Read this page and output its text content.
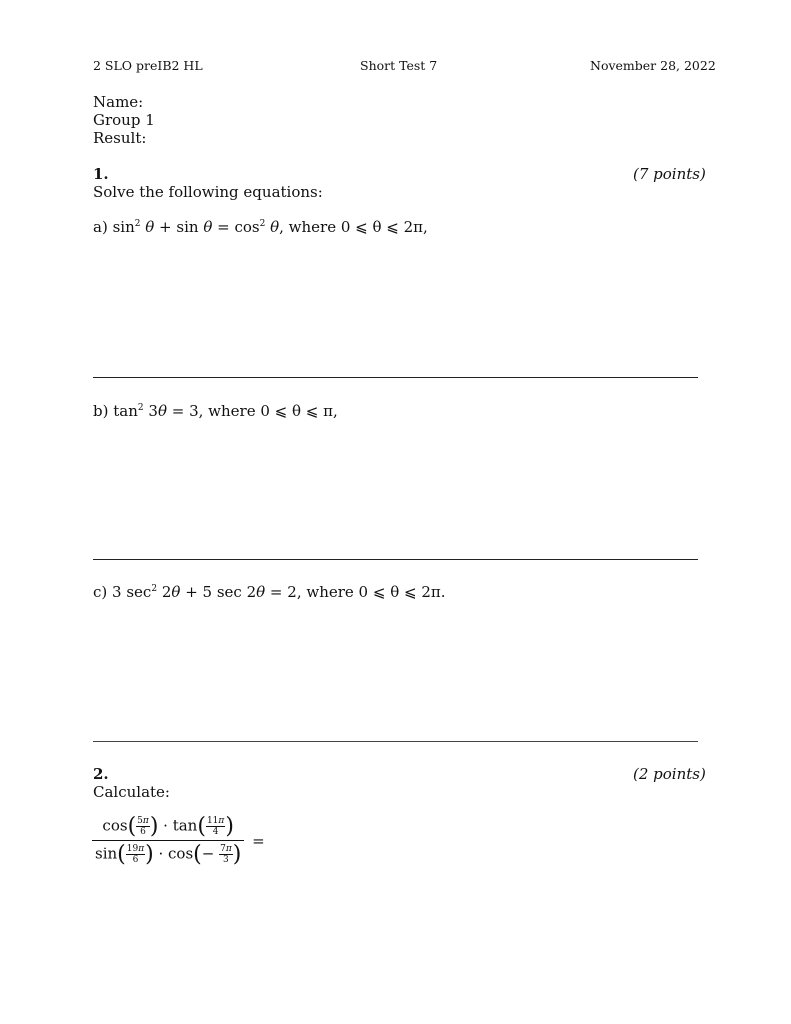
2 SLO preIB2 HL	Short Test 7	November 28, 2022
Name:
Group 1
Result:
1.	(7 points)
Solve the following equations:
a) $\sin^2 \theta + \sin \theta = \cos^2 \theta$, where 0 ⩽ θ ⩽ 2π,
b) $\tan^2 3\theta = 3$, where 0 ⩽ θ ⩽ π,
c) 3 $\sec^2 2\theta + 5$ sec 2θ = 2, where 0 ⩽ θ ⩽ 2π.
2.	(2 points)
Calculate:
$\frac{\cos( \frac{5\pi}{6} ) \cdot \tan( \frac{11\pi}{4} )}{\sin( \frac{19\pi}{6} ) \cdot \cos(- \frac{7\pi}{3} )}$ =
